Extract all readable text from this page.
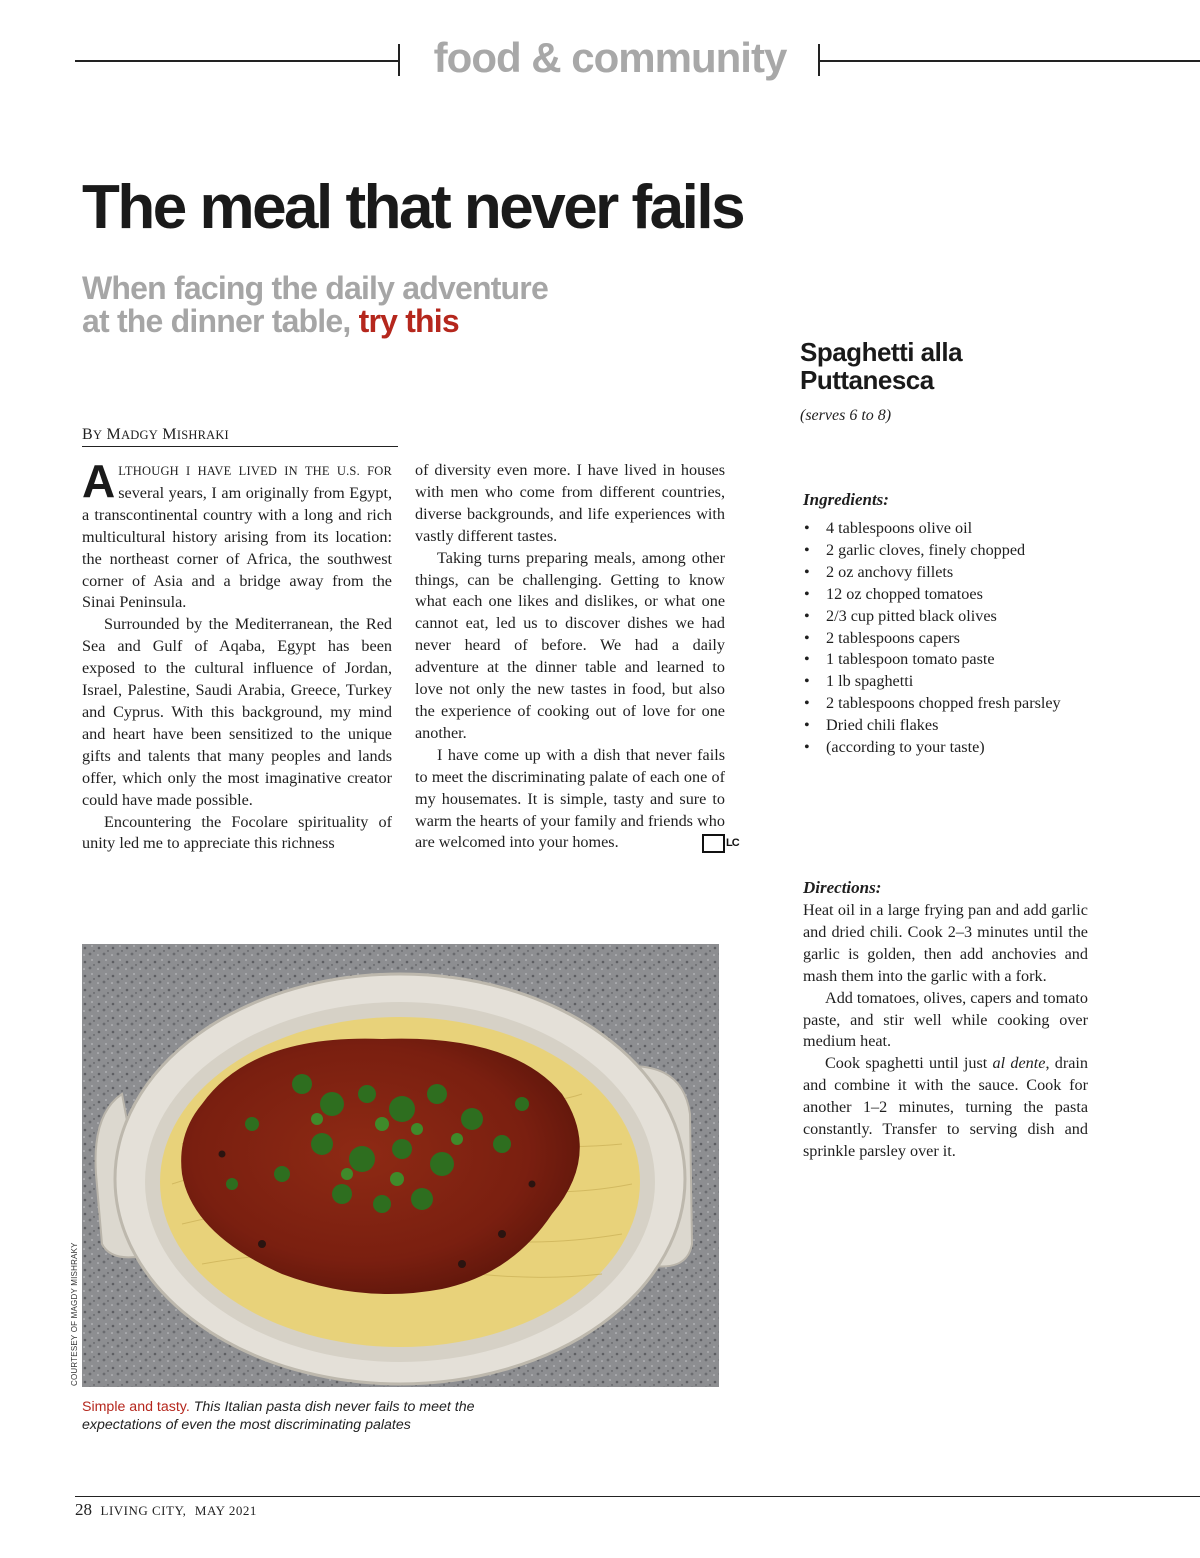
food & community
The meal that never fails
When facing the daily adventure
at the dinner table, try this
BY MADGY MISHRAKI

ALTHOUGH I HAVE LIVED IN THE U.S. FOR several years, I am originally from Egypt, a transcontinental country with a long and rich multicultural history arising from its location: the northeast corner of Africa, the southwest corner of Asia and a bridge away from the Sinai Peninsula.

Surrounded by the Mediterranean, the Red Sea and Gulf of Aqaba, Egypt has been exposed to the cultural influence of Jordan, Israel, Palestine, Saudi Arabia, Greece, Turkey and Cyprus. With this background, my mind and heart have been sensitized to the unique gifts and talents that many peoples and lands offer, which only the most imaginative creator could have made possible.

Encountering the Focolare spirituality of unity led me to appreciate this richness

of diversity even more. I have lived in houses with men who come from different countries, diverse backgrounds, and life experiences with vastly different tastes.

Taking turns preparing meals, among other things, can be challenging. Getting to know what each one likes and dislikes, or what one cannot eat, led us to discover dishes we had never heard of before. We had a daily adventure at the dinner table and learned to love not only the new tastes in food, but also the experience of cooking out of love for one another.

I have come up with a dish that never fails to meet the discriminating palate of each one of my housemates. It is simple, tasty and sure to warm the hearts of your family and friends who are welcomed into your homes.	LC

Spaghetti alla
Puttanesca
(serves 6 to 8)
Ingredients:
• 4 tablespoons olive oil
• 2 garlic cloves, finely chopped
• 2 oz anchovy fillets
• 12 oz chopped tomatoes
• 2/3 cup pitted black olives
• 2 tablespoons capers
• 1 tablespoon tomato paste
• 1 lb spaghetti
• 2 tablespoons chopped fresh parsley
• Dried chili flakes
• (according to your taste)
Directions:

Heat oil in a large frying pan and add garlic and dried chili. Cook 2–3 minutes until the garlic is golden, then add anchovies and mash them into the garlic with a fork.

Add tomatoes, olives, capers and tomato paste, and stir well while cooking over medium heat.

Cook spaghetti until just al dente, drain and combine it with the sauce. Cook for another 1–2 minutes, turning the pasta constantly. Transfer to serving dish and sprinkle parsley over it.

COURTESEY OF MAGDY MISHRAKY
Simple and tasty. This Italian pasta dish never fails to meet the expectations of even the most discriminating palates
28 LIVING CITY, MAY 2021
